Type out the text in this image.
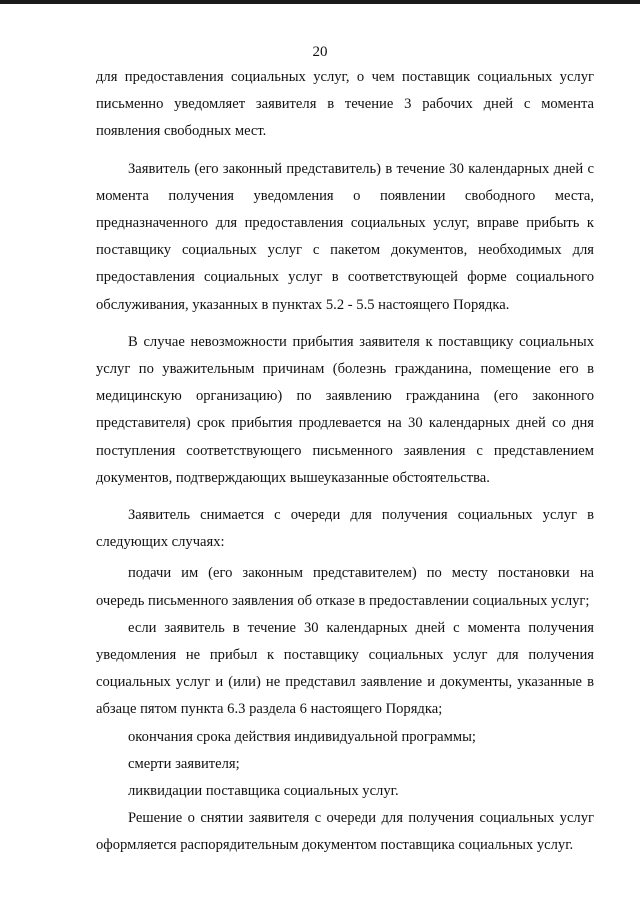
20

для предоставления социальных услуг, о чем поставщик социальных услуг письменно уведомляет заявителя в течение 3 рабочих дней с момента появления свободных мест.

Заявитель (его законный представитель) в течение 30 календарных дней с момента получения уведомления о появлении свободного места, предназначенного для предоставления социальных услуг, вправе прибыть к поставщику социальных услуг с пакетом документов, необходимых для предоставления социальных услуг в соответствующей форме социального обслуживания, указанных в пунктах 5.2 - 5.5 настоящего Порядка.

В случае невозможности прибытия заявителя к поставщику социальных услуг по уважительным причинам (болезнь гражданина, помещение его в медицинскую организацию) по заявлению гражданина (его законного представителя) срок прибытия продлевается на 30 календарных дней со дня поступления соответствующего письменного заявления с представлением документов, подтверждающих вышеуказанные обстоятельства.

Заявитель снимается с очереди для получения социальных услуг в следующих случаях:

подачи им (его законным представителем) по месту постановки на очередь письменного заявления об отказе в предоставлении социальных услуг;

если заявитель в течение 30 календарных дней с момента получения уведомления не прибыл к поставщику социальных услуг для получения социальных услуг и (или) не представил заявление и документы, указанные в абзаце пятом пункта 6.3 раздела 6 настоящего Порядка;

окончания срока действия индивидуальной программы;

смерти заявителя;

ликвидации поставщика социальных услуг.

Решение о снятии заявителя с очереди для получения социальных услуг оформляется распорядительным документом поставщика социальных услуг.
